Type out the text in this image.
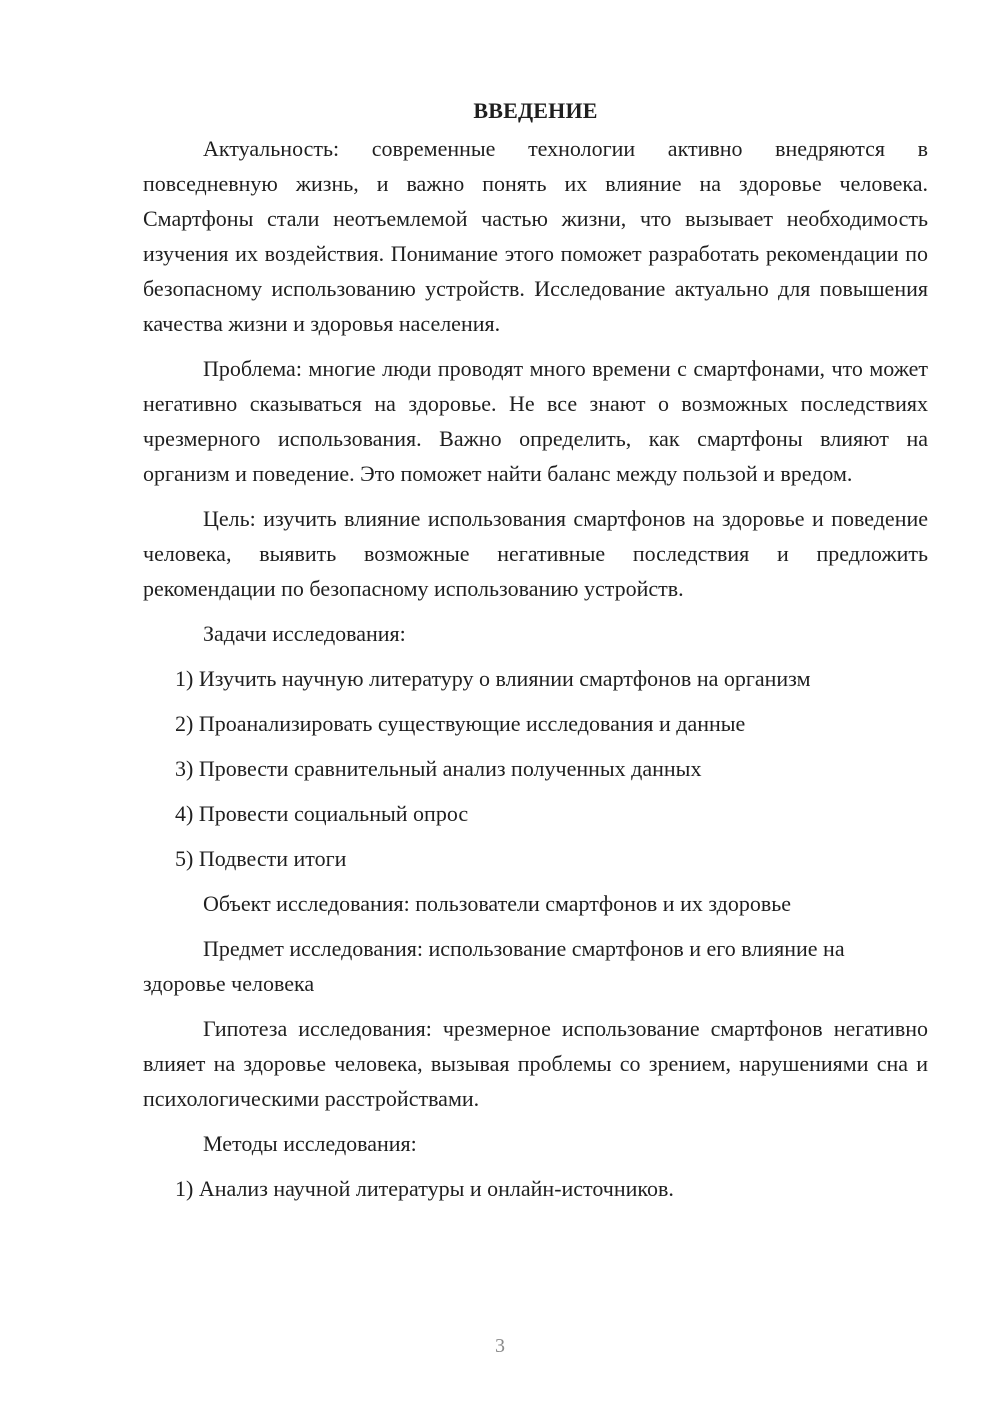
ВВЕДЕНИЕ

Актуальность: современные технологии активно внедряются в повседневную жизнь, и важно понять их влияние на здоровье человека. Смартфоны стали неотъемлемой частью жизни, что вызывает необходимость изучения их воздействия. Понимание этого поможет разработать рекомендации по безопасному использованию устройств. Исследование актуально для повышения качества жизни и здоровья населения.

Проблема: многие люди проводят много времени с смартфонами, что может негативно сказываться на здоровье. Не все знают о возможных последствиях чрезмерного использования. Важно определить, как смартфоны влияют на организм и поведение. Это поможет найти баланс между пользой и вредом.

Цель: изучить влияние использования смартфонов на здоровье и поведение человека, выявить возможные негативные последствия и предложить рекомендации по безопасному использованию устройств.

Задачи исследования:

1) Изучить научную литературу о влиянии смартфонов на организм
2) Проанализировать существующие исследования и данные
3) Провести сравнительный анализ полученных данных
4) Провести социальный опрос
5) Подвести итоги

Объект исследования: пользователи смартфонов и их здоровье

Предмет исследования: использование смартфонов и его влияние на здоровье человека

Гипотеза исследования: чрезмерное использование смартфонов негативно влияет на здоровье человека, вызывая проблемы со зрением, нарушениями сна и психологическими расстройствами.

Методы исследования:

1) Анализ научной литературы и онлайн-источников.
3
